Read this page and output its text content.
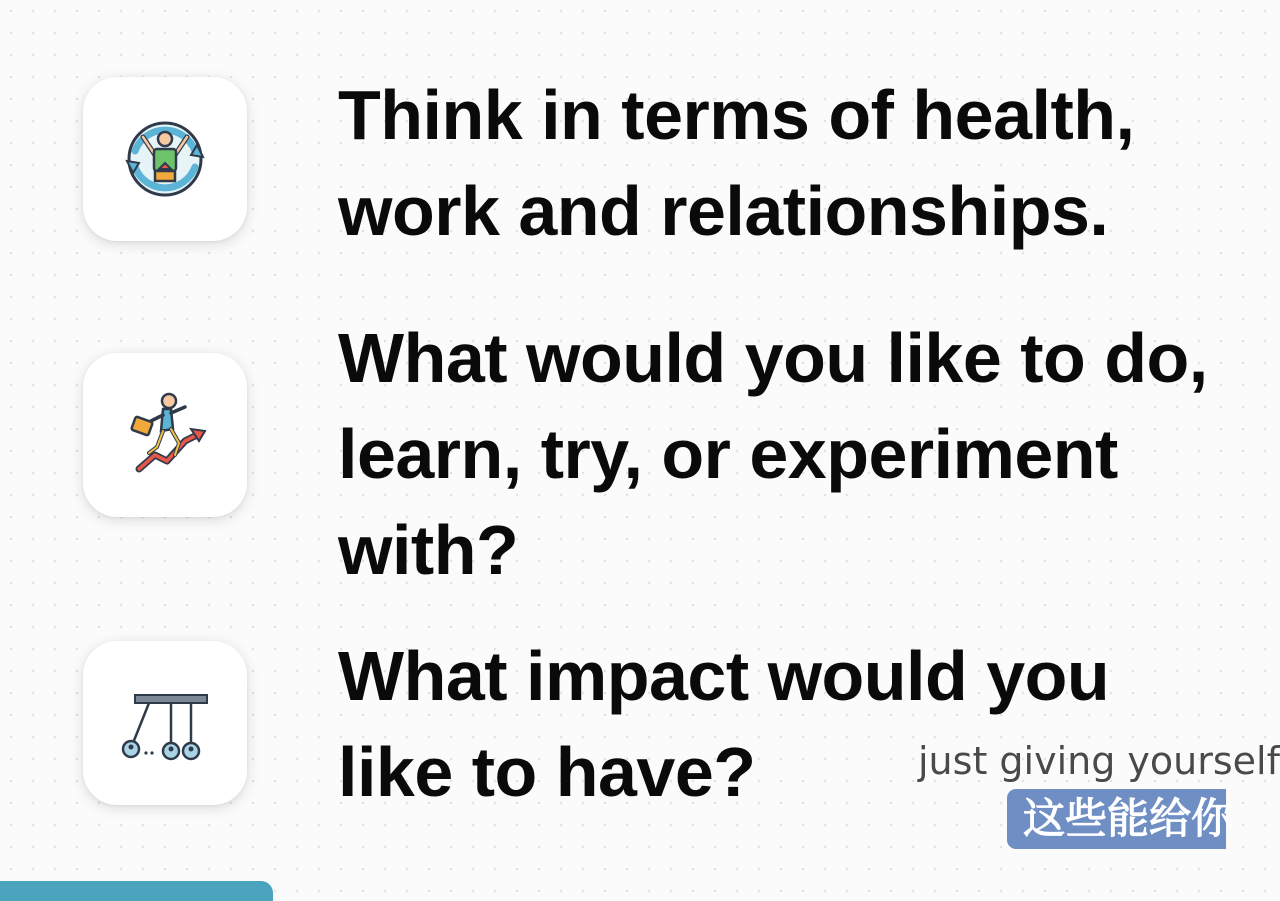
Think in terms of health,
work and relationships.
What would you like to do,
learn, try, or experiment
with?
What impact would you
like to have?	just giving yourself
这些能给你
